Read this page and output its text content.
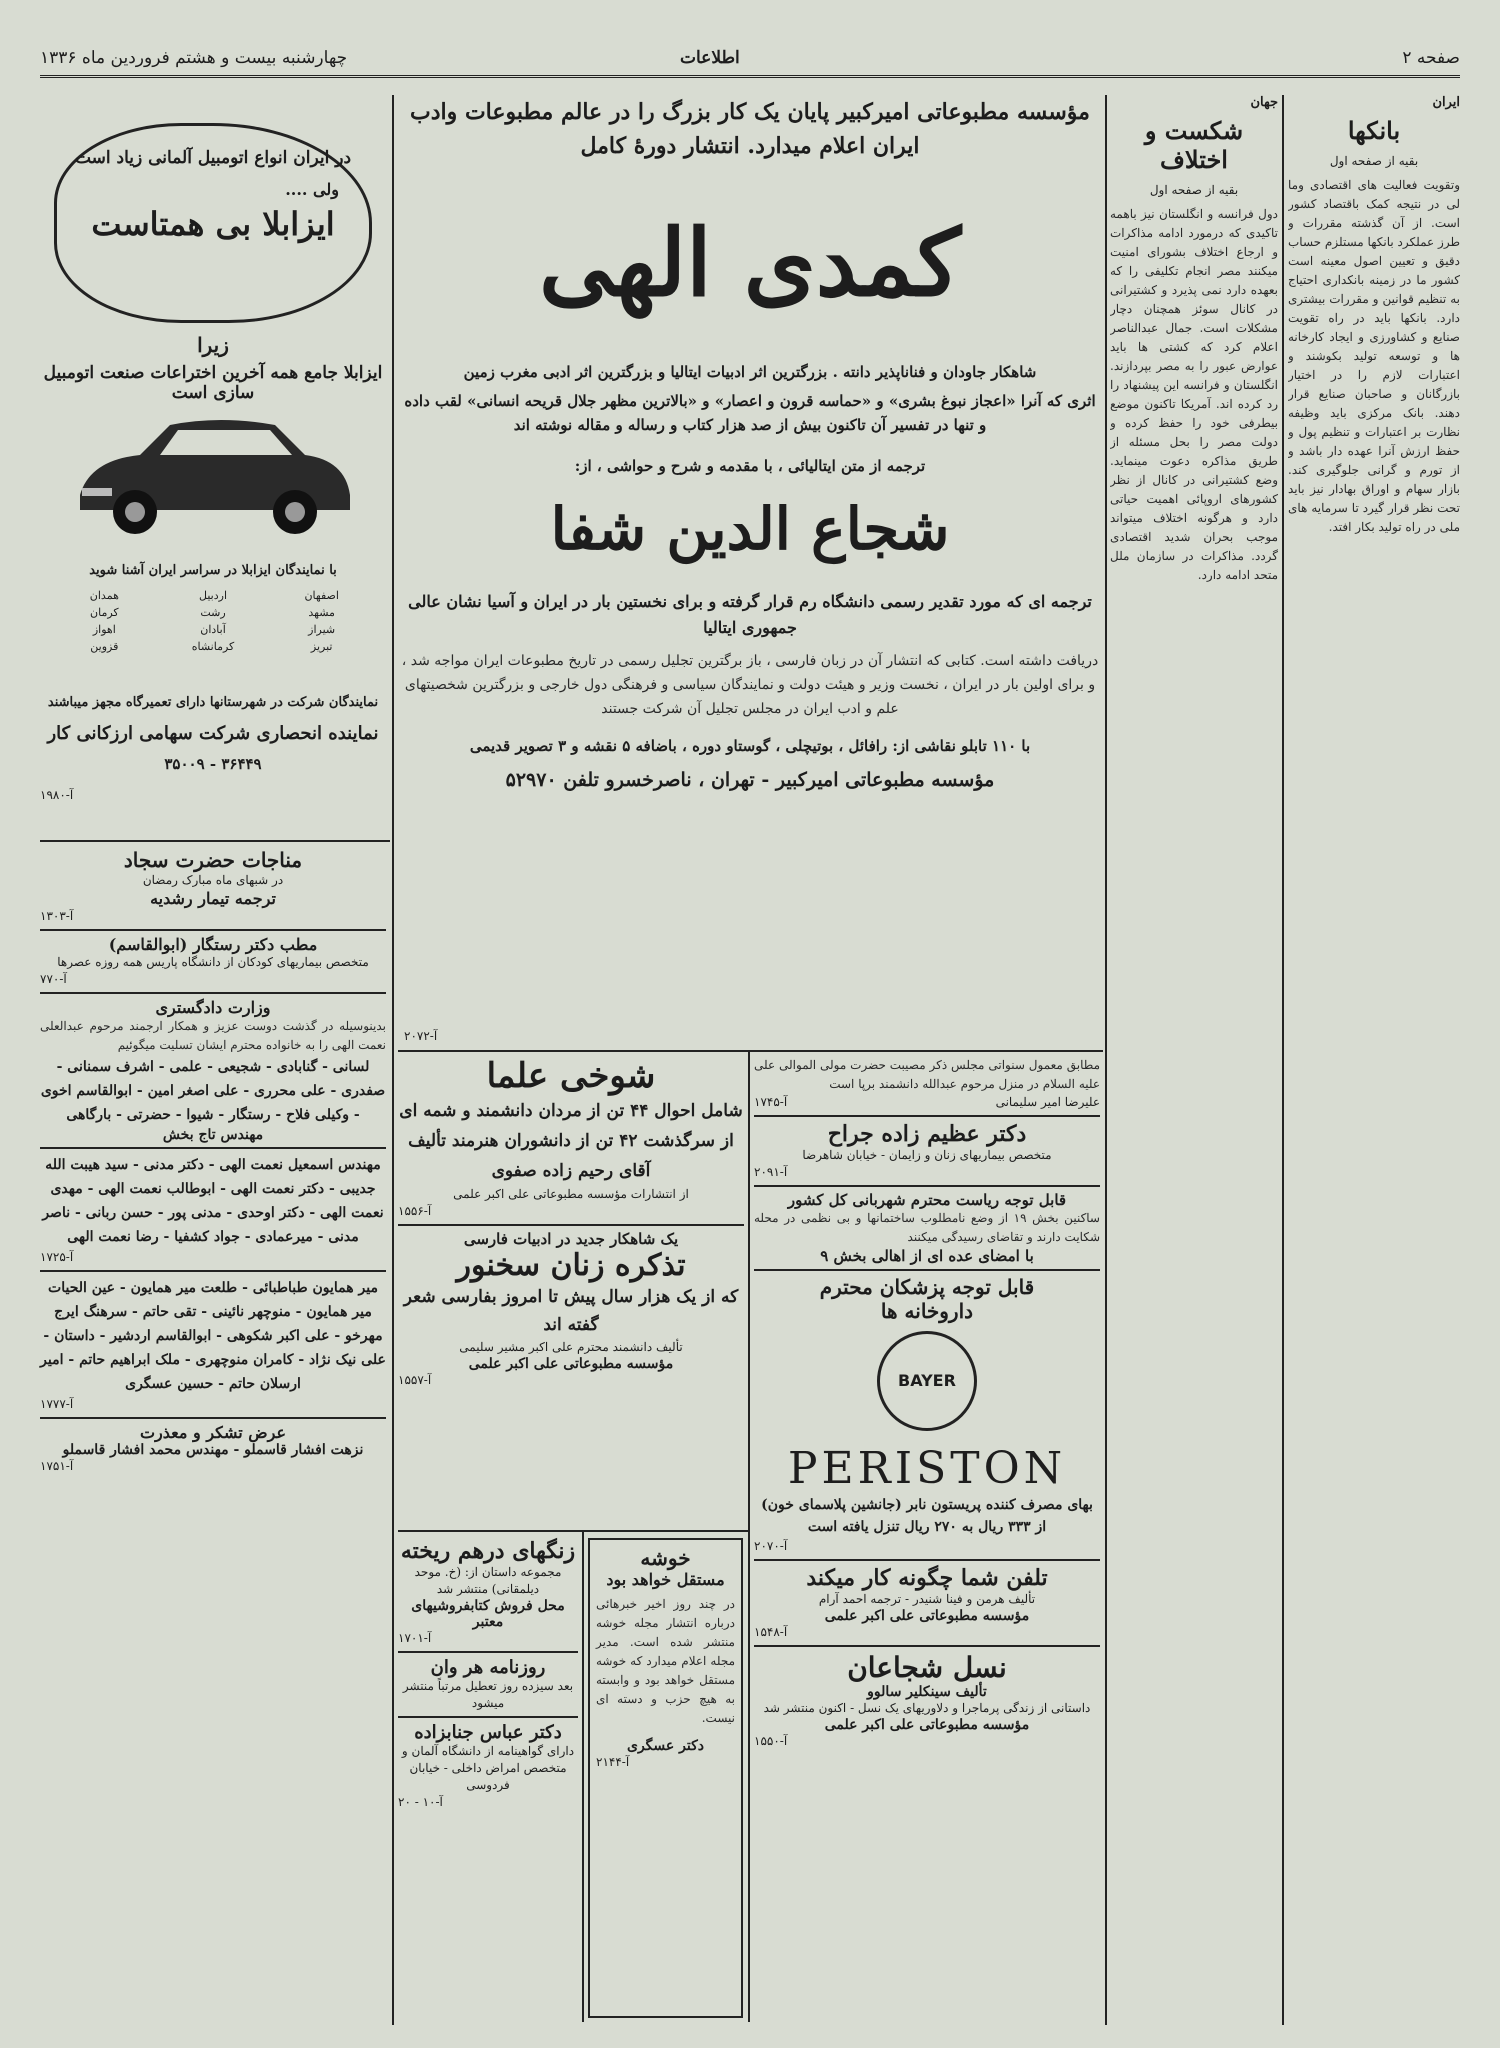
صفحه ۲
اطلاعات
چهارشنبه بیست و هشتم فروردین ماه ۱۳۳۶
ایران
بانکها
بقیه از صفحه اول
وتقویت فعالیت های اقتصادی وما لی در نتیجه کمک باقتصاد کشور است. از آن گذشته مقررات و طرز عملکرد بانکها مستلزم حساب دقیق و تعیین اصول معینه است کشور ما در زمینه بانکداری احتیاج به تنظیم قوانین و مقررات بیشتری دارد. بانکها باید در راه تقویت صنایع و کشاورزی و ایجاد کارخانه ها و توسعه تولید بکوشند و اعتبارات لازم را در اختیار بازرگانان و صاحبان صنایع قرار دهند. بانک مرکزی باید وظیفه نظارت بر اعتبارات و تنظیم پول و حفظ ارزش آنرا عهده دار باشد و از تورم و گرانی جلوگیری کند. بازار سهام و اوراق بهادار نیز باید تحت نظر قرار گیرد تا سرمایه های ملی در راه تولید بکار افتد.
جهان
شکست و اختلاف
بقیه از صفحه اول
دول فرانسه و انگلستان نیز باهمه تاکیدی که درمورد ادامه مذاکرات و ارجاع اختلاف بشورای امنیت میکنند مصر انجام تکلیفی را که بعهده دارد نمی پذیرد و کشتیرانی در کانال سوئز همچنان دچار مشکلات است. جمال عبدالناصر اعلام کرد که کشتی ها باید عوارض عبور را به مصر بپردازند. انگلستان و فرانسه این پیشنهاد را رد کرده اند. آمریکا تاکنون موضع بیطرفی خود را حفظ کرده و دولت مصر را بحل مسئله از طریق مذاکره دعوت مینماید. وضع کشتیرانی در کانال از نظر کشورهای اروپائی اهمیت حیاتی دارد و هرگونه اختلاف میتواند موجب بحران شدید اقتصادی گردد. مذاکرات در سازمان ملل متحد ادامه دارد.
مؤسسه مطبوعاتی امیرکبیر پایان یک کار بزرگ را در عالم مطبوعات وادب ایران اعلام میدارد. انتشار دورهٔ کامل
کمدی الهی
شاهکار جاودان و فناناپذیر دانته . بزرگترین اثر ادبیات ایتالیا و بزرگترین اثر ادبی مغرب زمین
اثری که آنرا «اعجاز نبوغ بشری» و «حماسه قرون و اعصار» و «بالاترین مظهر جلال قریحه انسانی» لقب داده و تنها در تفسیر آن تاکنون بیش از صد هزار کتاب و رساله و مقاله نوشته اند
ترجمه از متن ایتالیائی ، با مقدمه و شرح و حواشی ، از:
شجاع الدین شفا
ترجمه ای که مورد تقدیر رسمی دانشگاه رم قرار گرفته و برای نخستین بار در ایران و آسیا نشان عالی جمهوری ایتالیا
دریافت داشته است. کتابی که انتشار آن در زبان فارسی ، باز برگترین تجلیل رسمی در تاریخ مطبوعات ایران مواجه شد ، و برای اولین بار در ایران ، نخست وزیر و هیئت دولت و نمایندگان سیاسی و فرهنگی دول خارجی و بزرگترین شخصیتهای علم و ادب ایران در مجلس تجلیل آن شرکت جستند
با ۱۱۰ تابلو نقاشی از: رافائل ، بوتیچلی ، گوستاو دوره ، باضافه ۵ نقشه و ۳ تصویر قدیمی
مؤسسه مطبوعاتی امیرکبیر - تهران ، ناصرخسرو تلفن ۵۲۹۷۰
آ-۲۰۷۲
در ایران انواع اتومبیل آلمانی زیاد است
ولی ....
ایزابلا بی همتاست
زیرا
ایزابلا جامع همه آخرین اختراعات صنعت اتومبیل سازی است
با نمایندگان ایزابلا در سراسر ایران آشنا شوید
اصفهان
اردبیل
همدان
مشهد
رشت
کرمان
شیراز
آبادان
اهواز
تبریز
کرمانشاه
قزوین
نمایندگان شرکت در شهرستانها دارای تعمیرگاه مجهز میباشند
نماینده انحصاری شرکت سهامی ارزکانی کار
۳۶۴۴۹ - ۳۵۰۰۹
آ-۱۹۸۰
مناجات حضرت سجاد
در شبهای ماه مبارک رمضان
ترجمه تیمار رشدیه
آ-۱۳۰۳
مطب دکتر رستگار (ابوالقاسم)
متخصص بیماریهای کودکان از دانشگاه پاریس همه روزه عصرها
آ-۷۷۰
وزارت دادگستری
بدینوسیله در گذشت دوست عزیز و همکار ارجمند مرحوم عبدالعلی نعمت الهی را به خانواده محترم ایشان تسلیت میگوئیم
لسانی - گنابادی - شجیعی - علمی - اشرف سمنانی - صفدری - علی محرری - علی اصغر امین - ابوالقاسم اخوی - وکیلی فلاح - رستگار - شیوا - حضرتی - بارگاهی
مهندس تاج بخش
مهندس اسمعیل نعمت الهی - دکتر مدنی - سید هیبت الله جدیبی - دکتر نعمت الهی - ابوطالب نعمت الهی - مهدی نعمت الهی - دکتر اوحدی - مدنی پور - حسن ربانی - ناصر مدنی - میرعمادی - جواد کشفیا - رضا نعمت الهی
آ-۱۷۲۵
میر همایون طباطبائی - طلعت میر همایون - عین الحیات میر همایون - منوچهر نائینی - تقی حاتم - سرهنگ ایرج مهرخو - علی اکبر شکوهی - ابوالقاسم اردشیر - داستان - علی نیک نژاد - کامران منوچهری - ملک ابراهیم حاتم - امیر ارسلان حاتم - حسین عسگری
آ-۱۷۷۷
عرض تشکر و معذرت
نزهت افشار قاسملو - مهندس محمد افشار قاسملو
آ-۱۷۵۱
مطابق معمول سنواتی مجلس ذکر مصیبت حضرت مولی الموالی علی علیه السلام در منزل مرحوم عبدالله دانشمند برپا است
علیرضا امیر سلیمانی
آ-۱۷۴۵
دکتر عظیم زاده جراح
متخصص بیماریهای زنان و زایمان - خیابان شاهرضا
آ-۲۰۹۱
قابل توجه ریاست محترم شهربانی کل کشور
ساکنین بخش ۱۹ از وضع نامطلوب ساختمانها و بی نظمی در محله شکایت دارند و تقاضای رسیدگی میکنند
با امضای عده ای از اهالی بخش ۹
قابل توجه پزشکان محترم
داروخانه ها
BAYER
PERISTON
بهای مصرف کننده پریستون نابر (جانشین پلاسمای خون) از ۳۳۳ ریال به ۲۷۰ ریال تنزل یافته است
آ-۲۰۷۰
تلفن شما چگونه کار میکند
تألیف هرمن و فینا شنیدر - ترجمه احمد آرام
مؤسسه مطبوعاتی علی اکبر علمی
آ-۱۵۴۸
نسل شجاعان
تألیف سینکلیر سالوو
داستانی از زندگی پرماجرا و دلاوریهای یک نسل - اکنون منتشر شد
مؤسسه مطبوعاتی علی اکبر علمی
آ-۱۵۵۰
شوخی علما
شامل احوال ۴۴ تن از مردان دانشمند و شمه ای از سرگذشت ۴۲ تن از دانشوران هنرمند تألیف آقای رحیم زاده صفوی
از انتشارات مؤسسه مطبوعاتی علی اکبر علمی
آ-۱۵۵۶
یک شاهکار جدید در ادبیات فارسی
تذکره زنان سخنور
که از یک هزار سال پیش تا امروز بفارسی شعر گفته اند
تألیف دانشمند محترم علی اکبر مشیر سلیمی
مؤسسه مطبوعاتی علی اکبر علمی
آ-۱۵۵۷
زنگهای درهم ریخته
مجموعه داستان از: (خ. موحد دیلمقانی) منتشر شد
محل فروش کتابفروشیهای معتبر
آ-۱۷۰۱
روزنامه هر وان
بعد سیزده روز تعطیل مرتباً منتشر میشود
دکتر عباس جنابزاده
دارای گواهینامه از دانشگاه آلمان و متخصص امراض داخلی - خیابان فردوسی
آ-۱۰ - ۲۰
خوشه
مستقل خواهد بود
در چند روز اخیر خبرهائی درباره انتشار مجله خوشه منتشر شده است. مدیر مجله اعلام میدارد که خوشه مستقل خواهد بود و وابسته به هیچ حزب و دسته ای نیست.
دکتر عسگری
آ-۲۱۴۴
